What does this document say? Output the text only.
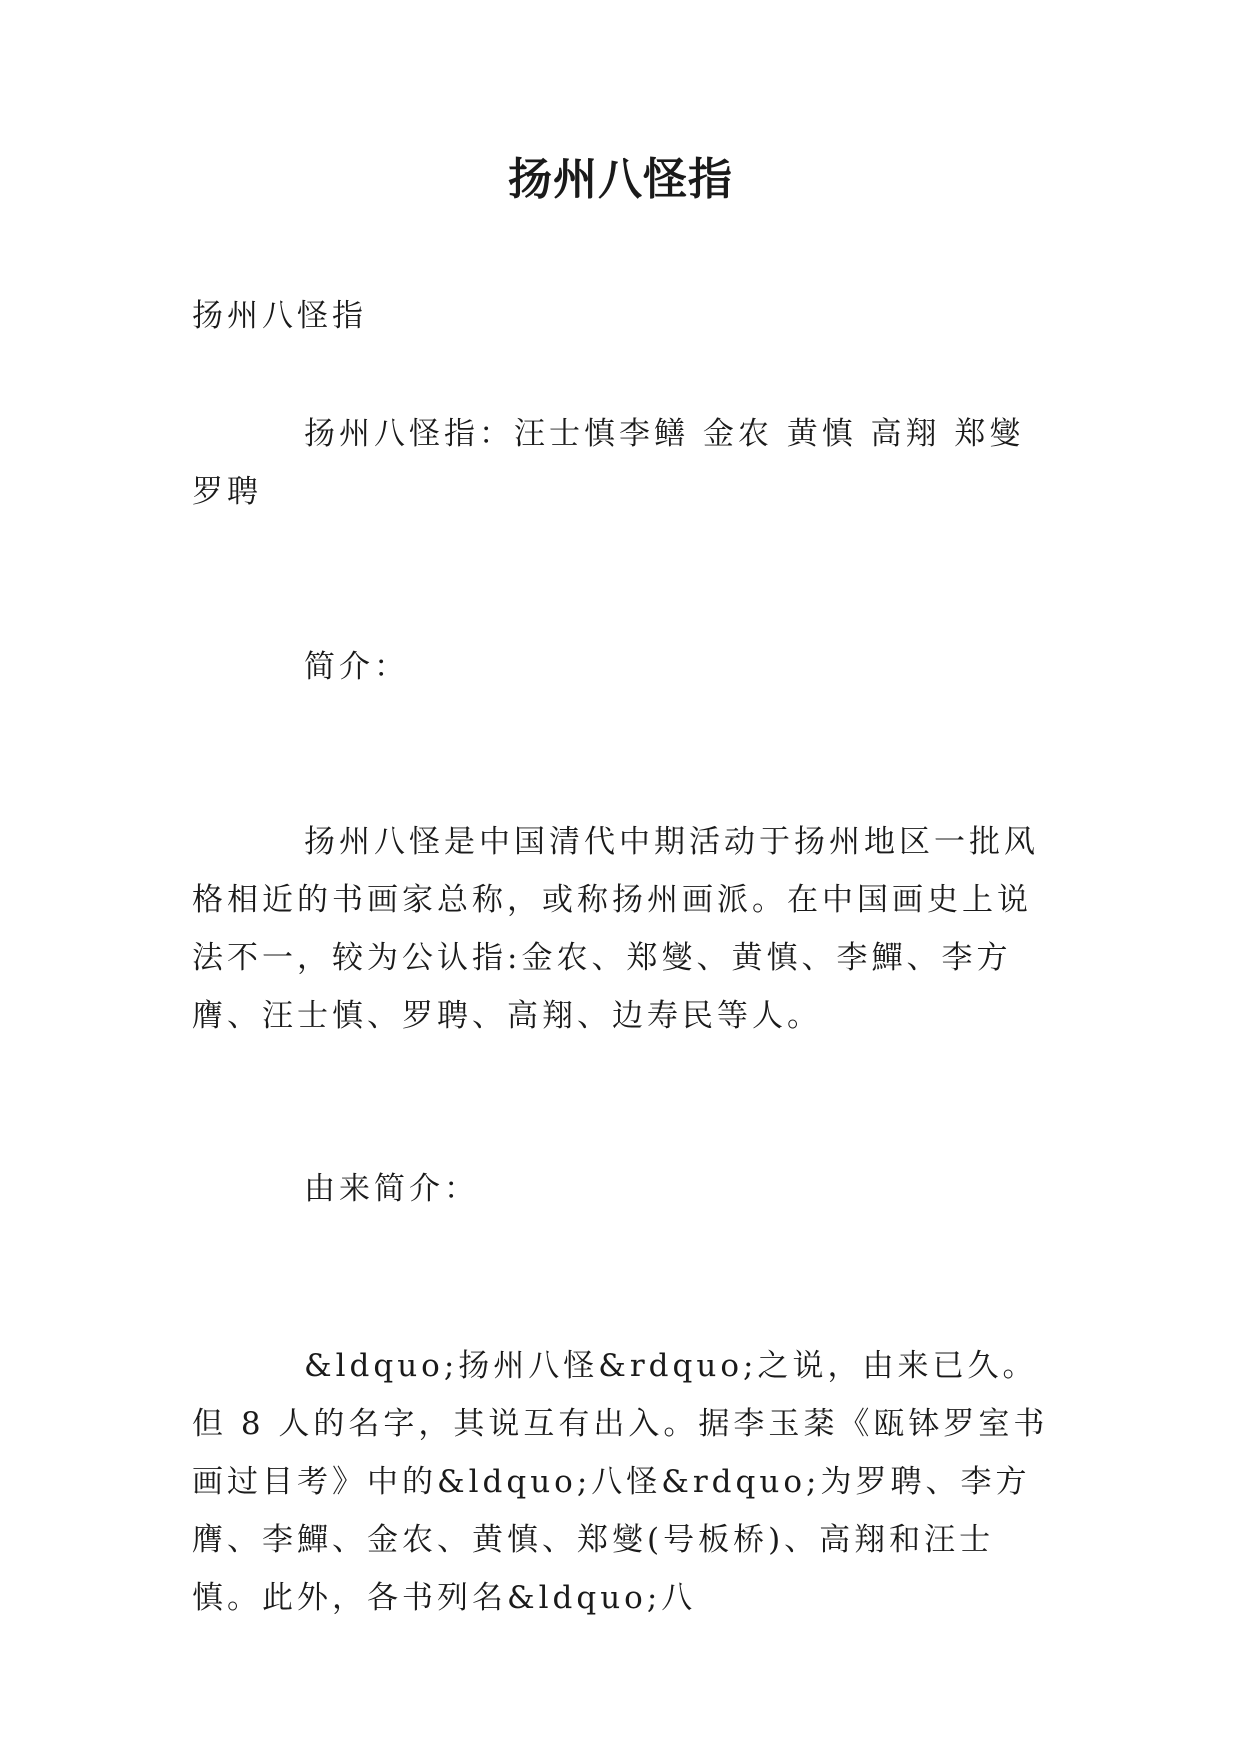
扬州八怪指

扬州八怪指

扬州八怪指：汪士慎李鳝 金农 黄慎 高翔 郑燮 罗聘

简介：

扬州八怪是中国清代中期活动于扬州地区一批风格相近的书画家总称，或称扬州画派。在中国画史上说法不一，较为公认指:金农、郑燮、黄慎、李鱓、李方膺、汪士慎、罗聘、高翔、边寿民等人。

由来简介：

&ldquo;扬州八怪&rdquo;之说，由来已久。但 8 人的名字，其说互有出入。据李玉棻《瓯钵罗室书画过目考》中的&ldquo;八怪&rdquo;为罗聘、李方膺、李鱓、金农、黄慎、郑燮(号板桥)、高翔和汪士慎。此外，各书列名&ldquo;八
